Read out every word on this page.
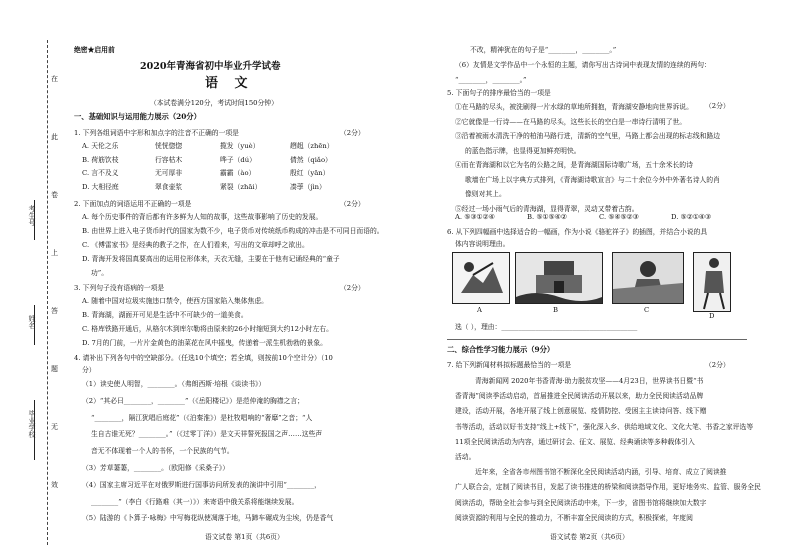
考生号
姓名
毕业学校
在
此
卷
上
答
题
无
效
绝密★启用前
2020年青海省初中毕业升学试卷
语 文
（本试卷满分120分，考试时间150分钟）
一、基础知识与运用能力展示（20分）
1. 下列各组词语中字形和加点字的注音不正确的一项是	（2分）
A. 天伦之乐	恍恍惚惚	揽发（yuè）	趔趄（zhēn）
B. 荷筋饮枝	行容枯木	哗子（dú）	倩然（qiǎo）
C. 言不及义	无可厚非	霸霸（ào）	殷红（yān）
D. 大相径庭	翠食壶浆	紧裂（zhāi）	凑荸（jìn）
2. 下面加点的词语运用不正确的一项是	（2分）
A. 每个历史事件的背后都有许多鲜为人知的故事，这些故事影响了历史的发展。
B. 由世界上进入电子货币时代的国家为数不少，电子货币对传统纸币构成的冲击是不可同日而语的。
C. 《傅雷家书》是经典的教子之作，在人们看来，写出的文章却呼之欲出。
D. 青海开发将国真要高出的运用位形体来，天衣无缝，主要在于他有记诵经典的“童子
功”。
3. 下列句子没有语病的一项是	（2分）
A. 随着中国对垃圾实施违口禁令，使西方国家陷入集体焦虑。
B. 青海湖，湖面开可见是生活中不可缺少的一道美食。
C. 格库铁路开通后，从格尔木到库尔勒将由原来的26小时缩短到大约12小时左右。
D. 7月的门前，一片片金黄色的油菜花在风中摇曳，传递着一派生机勃勃的景象。
4. 请补出下列各句中的空缺部分。（任选10个填空；若全填，则按前10个空计分）（10
分）
（1）读史使人明智，________。（弗朗西斯·培根《谈读书》）
（2）“其必曰________，________”（《岳阳楼记》）是范仲淹的胸襟之言；
“________，隔江犹唱后庭花”（《泊秦淮》）是杜牧唱响的“奢靡”之音；“人
生自古谁无死？________。”（《过零丁洋》）是文天祥誓死报国之声……这些声
音无不体现着一个人的书怀，一个民族的气节。
（3）芳草萋萋，________。（欧阳修《采桑子》）
（4）国家主席习近平在对俄罗斯进行国事访问所发表的演讲中引用“________，
________”（李白《行路难（其一）》）来寄语中俄关系将能继续发展。
（5）陆游的《卜算子·咏梅》中写梅花纵使凋落于地，马蹄车碾成为尘埃，仍是香气
不改，精神犹在的句子是“________，________。”
（6）友情是文学作品中一个永恒的主题，请你写出古诗词中表现友情的连续的两句：
“________，________。”
5. 下面句子的排序最恰当的一项是
（2分）
①在马路的尽头，被洗刷得一片水绿的草地所拥抱，青海湖安静地向世界诉说。
②它就像是一行诗——在马路的尽头，这些长长的空白是一串诗行清明了世。
③沿着被雨水清洗干净的柏油马路行进，清新的空气里，马路上都会出现的标志线和路边
的蓝色指示牌，也显得更加鲜亮明快。
④而在青海湖和以它为名的公路之间，是青海湖国际诗歌广场，五十余米长的诗
歌墙在广场上以字典方式排列，《青海湖诗歌宣言》与二十余位今外中外著名诗人的肖
像则对其上。
⑤经过一场小雨气后的青海湖，显得青翠，灵动又带着古韵。
A. ⑤③①②④	B. ⑤①⑤④②	C. ⑤④⑤②③	D. ⑤②①④③
6. 从下列四幅画中选择适合的一幅画，作为小说《骆驼祥子》的插图，并结合小说的具
体内容说明理由。
A	B	C
D
选（ ），理由：________________________________________
二、综合性学习能力展示（9分）
7. 给下列新闻材料拟标题最恰当的一项是	（2分）
青海新闻网 2020年书香青海·助力脱贫攻坚——4月23日，世界读书日暨“书
香青海”阅读季活动启动，首届推进全民阅读活动开展以来，助力全民阅读活动品牌
建设，活动开展，各地开展了线上创意展览、疫情防控、受困主主读诗问答、线下赠
书等活动，活动以好书支持“线上+线下”，强化深入乡、供给地域文化、文化大笔、书香之家评选等
11项全民阅读活动为内容，通过研讨会、征文、展览、经典诵读等多种载体引入
活动。
近年来，全省各市州图书馆不断深化全民阅读活动内涵，引导、培育、成立了阅读推
广人联合会，定制了阅读书目，发起了读书推进的桥梁和阅读指导作用，更好地务实、监管、服务全民
阅读活动，帮助全社会参与到全民阅读活动中来，下一步，省图书馆将继续加大数字
阅读资源的利用与全民的推动力，不断丰富全民阅读的方式，积极探索，年度阅
语文试卷 第1页（共6页）	语文试卷 第2页（共6页）
